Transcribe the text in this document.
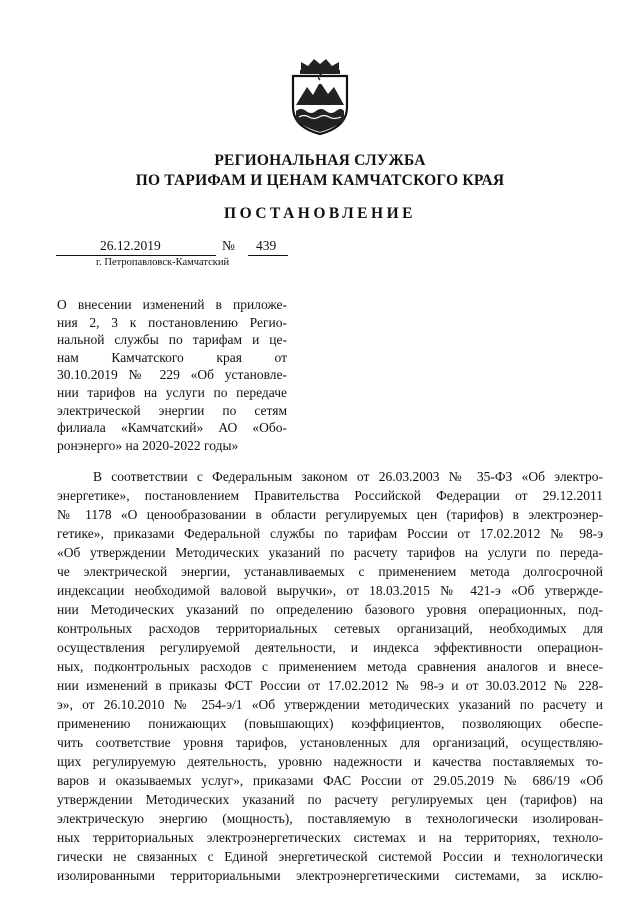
РЕГИОНАЛЬНАЯ СЛУЖБА
ПО ТАРИФАМ И ЦЕНАМ КАМЧАТСКОГО КРАЯ
ПОСТАНОВЛЕНИЕ
26.12.2019	№ 439
г. Петропавловск-Камчатский
О внесении изменений в приложе-
ния 2, 3 к постановлению Регио-
нальной службы по тарифам и це-
нам Камчатского края от
30.10.2019 № 229 «Об установле-
нии тарифов на услуги по передаче
электрической энергии по сетям
филиала «Камчатский» АО «Обо-
ронэнерго» на 2020-2022 годы»
В соответствии с Федеральным законом от 26.03.2003 № 35-ФЗ «Об электро-
энергетике», постановлением Правительства Российской Федерации от 29.12.2011
№ 1178 «О ценообразовании в области регулируемых цен (тарифов) в электроэнер-
гетике», приказами Федеральной службы по тарифам России от 17.02.2012 № 98-э
«Об утверждении Методических указаний по расчету тарифов на услуги по переда-
че электрической энергии, устанавливаемых с применением метода долгосрочной
индексации необходимой валовой выручки», от 18.03.2015 № 421-э «Об утвержде-
нии Методических указаний по определению базового уровня операционных, под-
контрольных расходов территориальных сетевых организаций, необходимых для
осуществления регулируемой деятельности, и индекса эффективности операцион-
ных, подконтрольных расходов с применением метода сравнения аналогов и внесе-
нии изменений в приказы ФСТ России от 17.02.2012 № 98-э и от 30.03.2012 № 228-
э», от 26.10.2010 № 254-э/1 «Об утверждении методических указаний по расчету и
применению понижающих (повышающих) коэффициентов, позволяющих обеспе-
чить соответствие уровня тарифов, установленных для организаций, осуществляю-
щих регулируемую деятельность, уровню надежности и качества поставляемых то-
варов и оказываемых услуг», приказами ФАС России от 29.05.2019 № 686/19 «Об
утверждении Методических указаний по расчету регулируемых цен (тарифов) на
электрическую энергию (мощность), поставляемую в технологически изолирован-
ных территориальных электроэнергетических системах и на территориях, техноло-
гически не связанных с Единой энергетической системой России и технологически
изолированными территориальными электроэнергетическими системами, за исклю-
